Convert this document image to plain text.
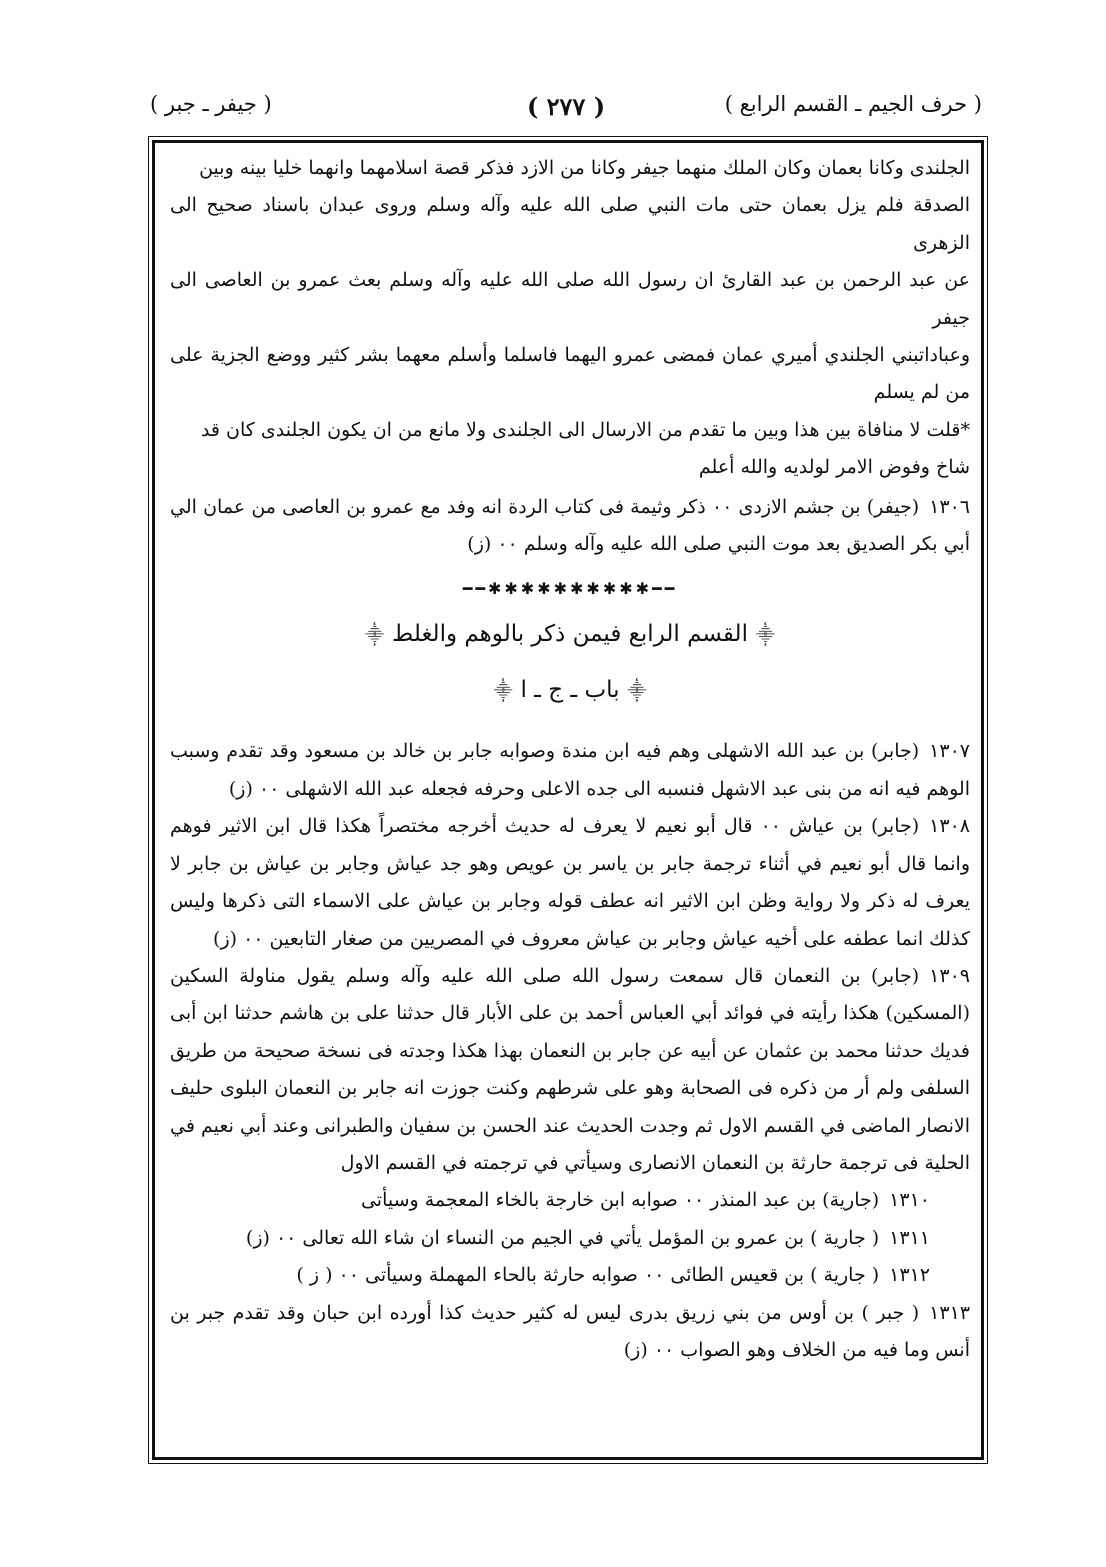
( حرف الجيم ـ القسم الرابع )
( ٢٧٧ )
( جيفر ـ جبر )

الجلندى وكانا بعمان وكان الملك منهما جيفر وكانا من الازد فذكر قصة اسلامهما وانهما خليا بينه وبين

الصدقة فلم يزل بعمان حتى مات النبي صلى الله عليه وآله وسلم وروى عبدان باسناد صحيح الى الزهرى

عن عبد الرحمن بن عبد القارئ ان رسول الله صلى الله عليه وآله وسلم بعث عمرو بن العاصى الى جيفر

وعباداتبني الجلندي أميري عمان فمضى عمرو اليهما فاسلما وأسلم معهما بشر كثير ووضع الجزية على من لم يسلم

*قلت لا منافاة بين هذا وبين ما تقدم من الارسال الى الجلندى ولا مانع من ان يكون الجلندى كان قد

شاخ وفوض الامر لولديه والله أعلم

١٣٠٦(جيفر) بن جشم الازدى ٠٠ ذكر وثيمة فى كتاب الردة انه وفد مع عمرو بن العاصى من عمان الي أبي بكر الصديق بعد موت النبي صلى الله عليه وآله وسلم ٠٠ (ز)

━━✱✱✱✱✱✱✱✱✱✱━━
⸎القسم الرابع فيمن ذكر بالوهم والغلط⸎
⸎باب ـ ج ـ ا⸎

١٣٠٧(جابر) بن عبد الله الاشهلى وهم فيه ابن مندة وصوابه جابر بن خالد بن مسعود وقد تقدم وسبب الوهم فيه انه من بنى عبد الاشهل فنسبه الى جده الاعلى وحرفه فجعله عبد الله الاشهلى ٠٠ (ز)

١٣٠٨(جابر) بن عياش ٠٠ قال أبو نعيم لا يعرف له حديث أخرجه مختصراً هكذا قال ابن الاثير فوهم وانما قال أبو نعيم في أثناء ترجمة جابر بن ياسر بن عويص وهو جد عياش وجابر بن عياش بن جابر لا يعرف له ذكر ولا رواية وظن ابن الاثير انه عطف قوله وجابر بن عياش على الاسماء التى ذكرها وليس كذلك انما عطفه على أخيه عياش وجابر بن عياش معروف في المصريين من صغار التابعين ٠٠ (ز)

١٣٠٩(جابر) بن النعمان قال سمعت رسول الله صلى الله عليه وآله وسلم يقول مناولة السكين (المسكين) هكذا رأيته في فوائد أبي العباس أحمد بن على الأبار قال حدثنا على بن هاشم حدثنا ابن أبى فديك حدثنا محمد بن عثمان عن أبيه عن جابر بن النعمان بهذا هكذا وجدته فى نسخة صحيحة من طريق السلفى ولم أر من ذكره فى الصحابة وهو على شرطهم وكنت جوزت انه جابر بن النعمان البلوى حليف الانصار الماضى في القسم الاول ثم وجدت الحديث عند الحسن بن سفيان والطبرانى وعند أبي نعيم في الحلية فى ترجمة حارثة بن النعمان الانصارى وسيأتي في ترجمته في القسم الاول

١٣١٠(جارية) بن عبد المنذر ٠٠ صوابه ابن خارجة بالخاء المعجمة وسيأتى

١٣١١( جارية ) بن عمرو بن المؤمل يأتي في الجيم من النساء ان شاء الله تعالى ٠٠ (ز)

١٣١٢( جارية ) بن قعيس الطائى ٠٠ صوابه حارثة بالحاء المهملة وسيأتى ٠٠ ( ز )

١٣١٣( جبر ) بن أوس من بني زريق بدرى ليس له كثير حديث كذا أورده ابن حبان وقد تقدم جبر بن أنس وما فيه من الخلاف وهو الصواب ٠٠ (ز)
